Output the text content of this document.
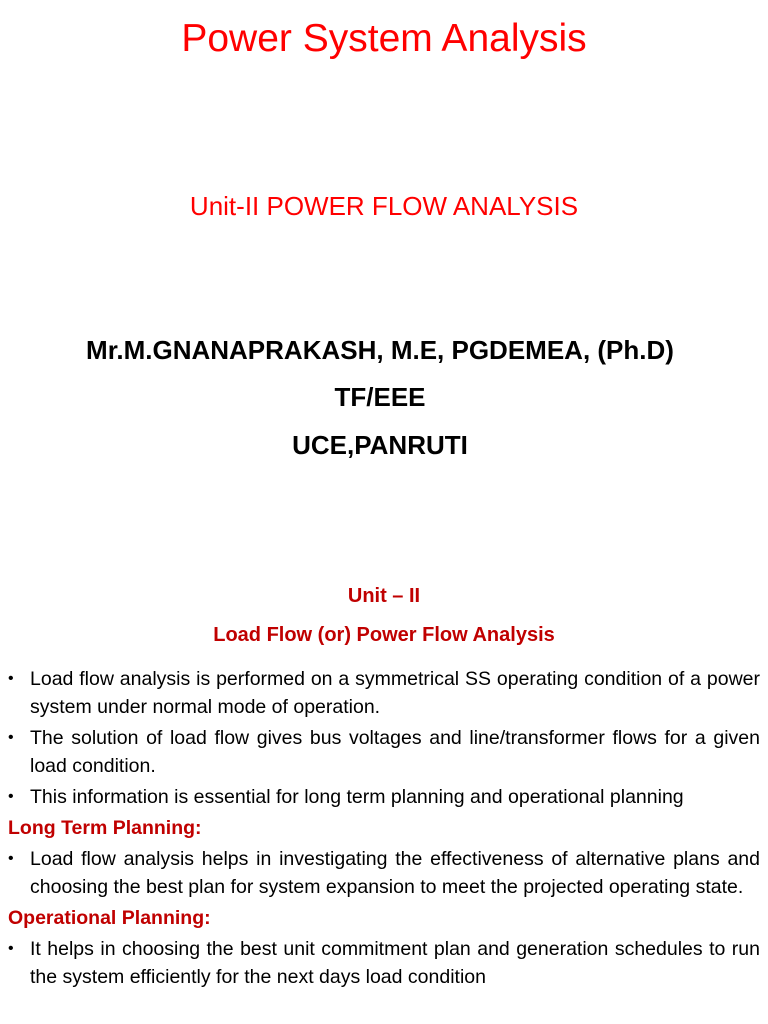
Power System Analysis
Unit-II POWER FLOW ANALYSIS
Mr.M.GNANAPRAKASH, M.E, PGDEMEA, (Ph.D)
TF/EEE
UCE,PANRUTI
Unit – II
Load Flow (or) Power Flow Analysis
• Load flow analysis is performed on a symmetrical SS operating condition of a power system under normal mode of operation.
• The solution of load flow gives bus voltages and line/transformer flows for a given load condition.
• This information is essential for long term planning and operational planning
Long Term Planning:
• Load flow analysis helps in investigating the effectiveness of alternative plans and choosing the best plan for system expansion to meet the projected operating state.
Operational Planning:
• It helps in choosing the best unit commitment plan and generation schedules to run the system efficiently for the next days load condition
